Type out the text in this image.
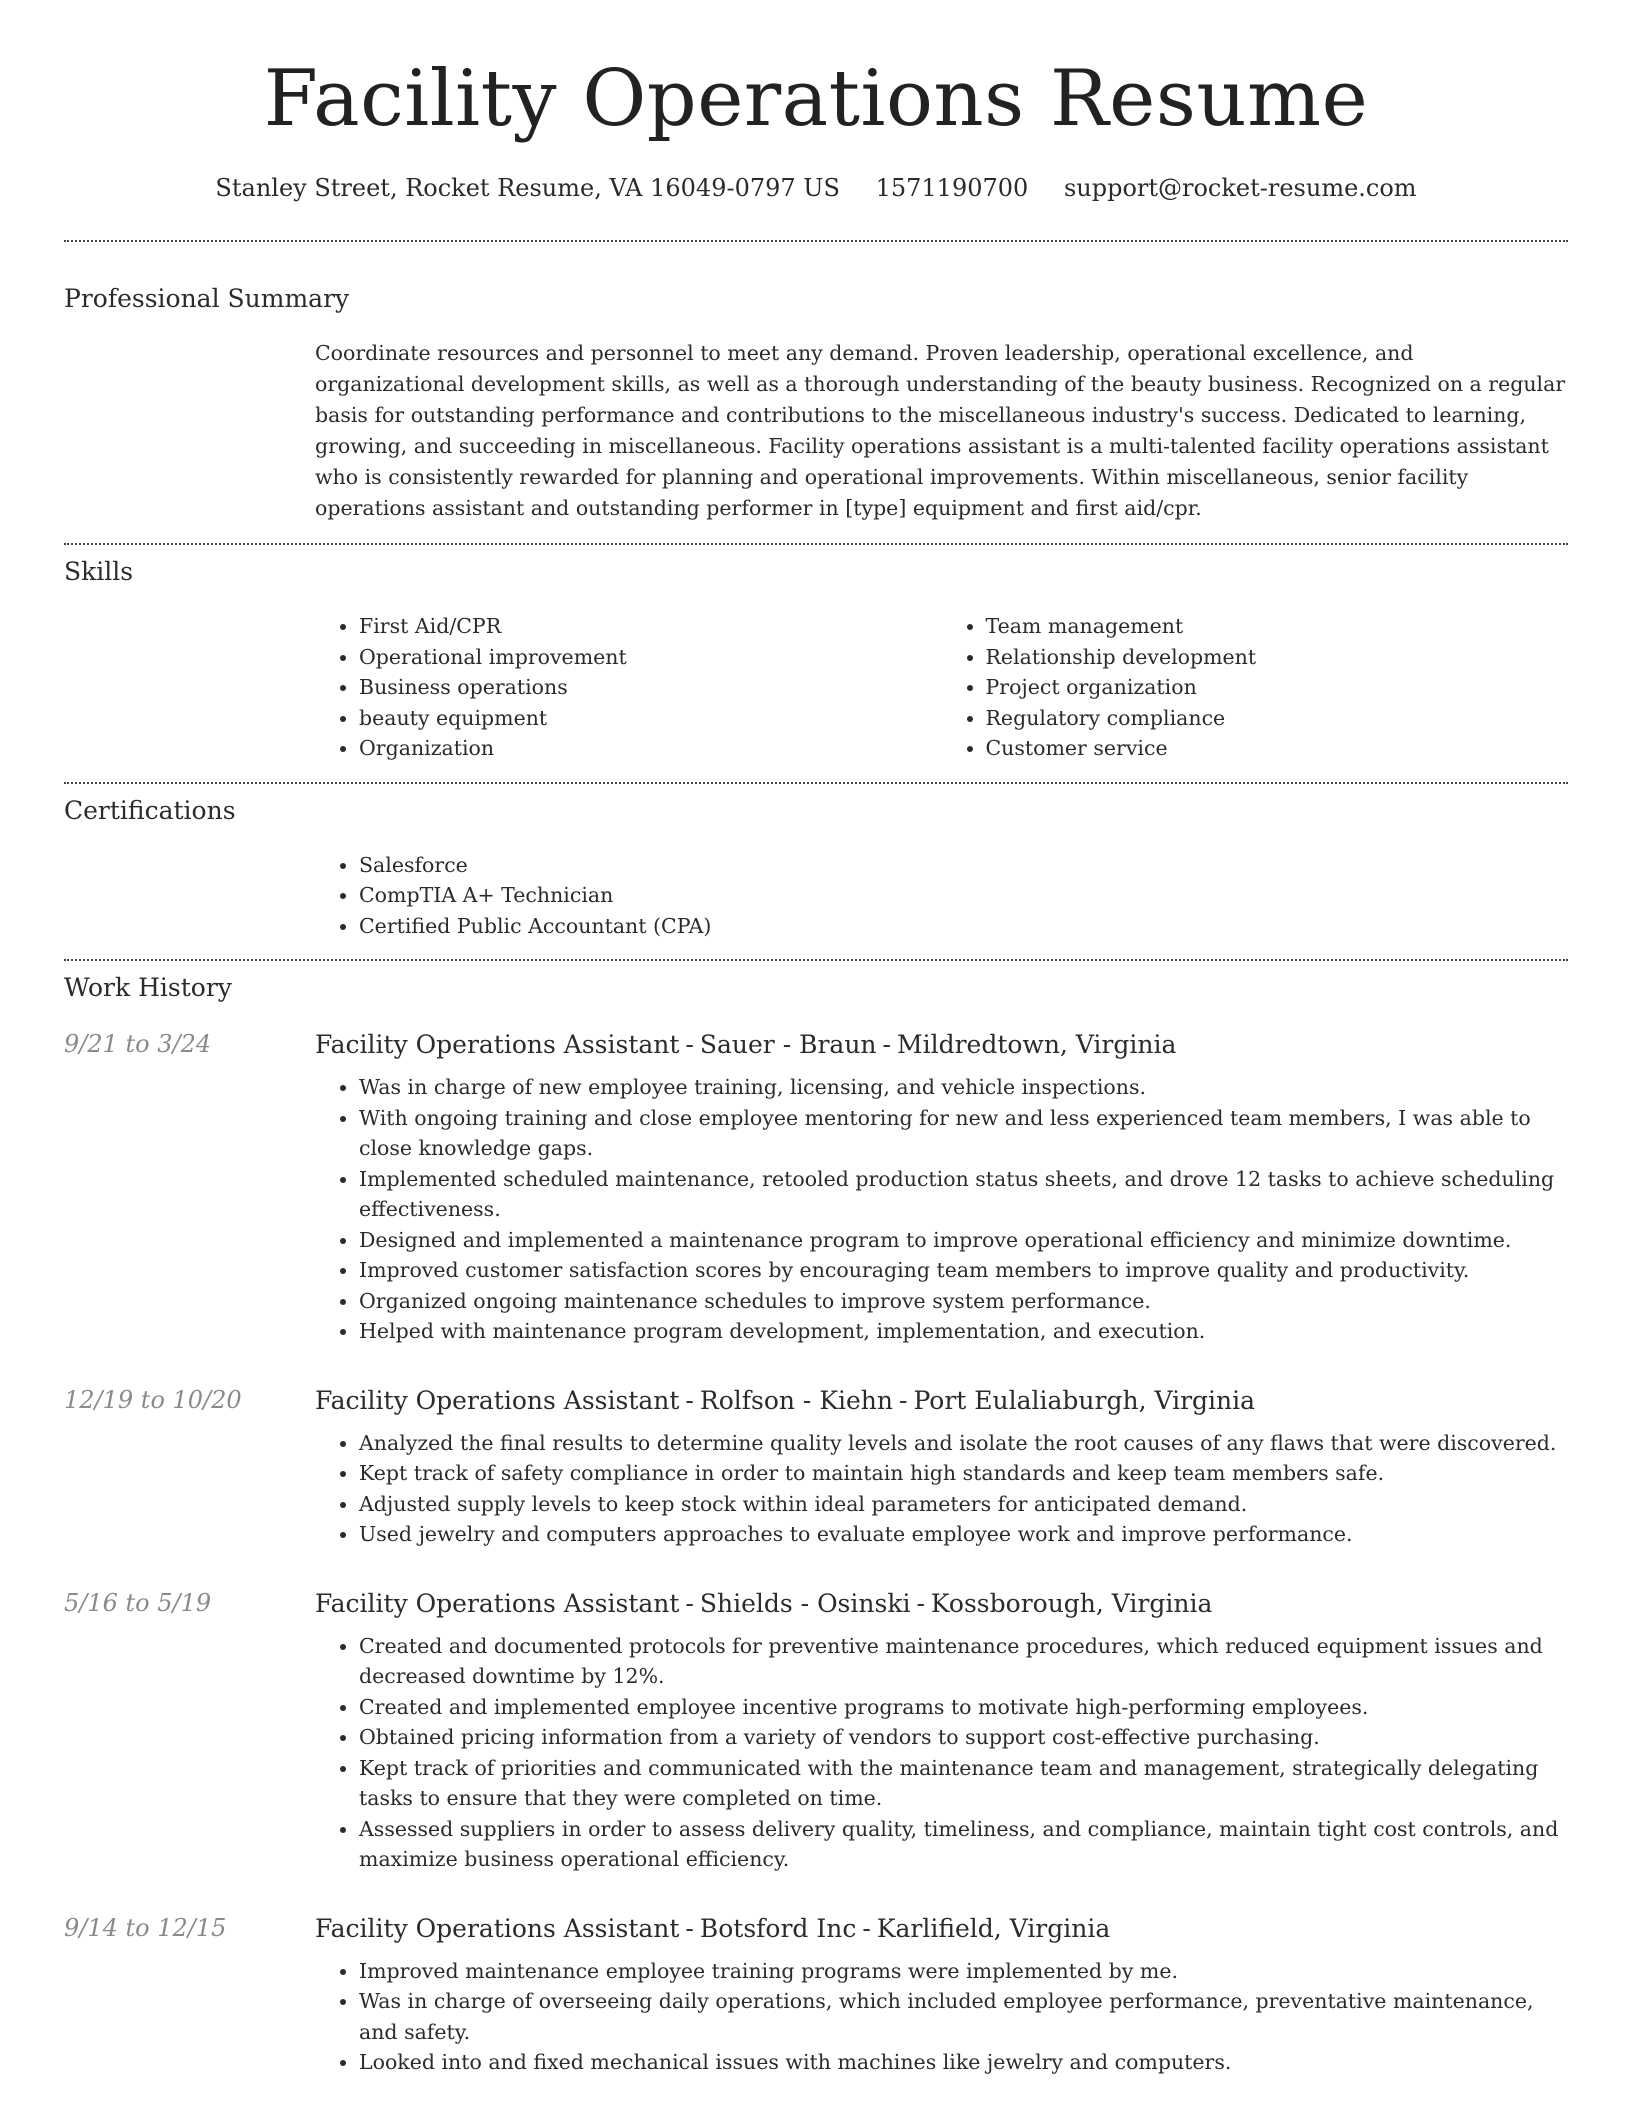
Facility Operations Resume
Stanley Street, Rocket Resume, VA 16049-0797 US 1571190700 support@rocket-resume.com
Professional Summary

Coordinate resources and personnel to meet any demand. Proven leadership, operational excellence, and organizational development skills, as well as a thorough understanding of the beauty business. Recognized on a regular basis for outstanding performance and contributions to the miscellaneous industry's success. Dedicated to learning, growing, and succeeding in miscellaneous. Facility operations assistant is a multi-talented facility operations assistant who is consistently rewarded for planning and operational improvements. Within miscellaneous, senior facility operations assistant and outstanding performer in [type] equipment and first aid/cpr.

Skills
• First Aid/CPR
• Operational improvement
• Business operations
• beauty equipment
• Organization
• Team management
• Relationship development
• Project organization
• Regulatory compliance
• Customer service
Certifications
• Salesforce
• CompTIA A+ Technician
• Certified Public Accountant (CPA)
Work History
9/21 to 3/24	Facility Operations Assistant - Sauer - Braun - Mildredtown, Virginia
• Was in charge of new employee training, licensing, and vehicle inspections.
• With ongoing training and close employee mentoring for new and less experienced team members, I was able to close knowledge gaps.
• Implemented scheduled maintenance, retooled production status sheets, and drove 12 tasks to achieve scheduling effectiveness.
• Designed and implemented a maintenance program to improve operational efficiency and minimize downtime.
• Improved customer satisfaction scores by encouraging team members to improve quality and productivity.
• Organized ongoing maintenance schedules to improve system performance.
• Helped with maintenance program development, implementation, and execution.
12/19 to 10/20	Facility Operations Assistant - Rolfson - Kiehn - Port Eulaliaburgh, Virginia
• Analyzed the final results to determine quality levels and isolate the root causes of any flaws that were discovered.
• Kept track of safety compliance in order to maintain high standards and keep team members safe.
• Adjusted supply levels to keep stock within ideal parameters for anticipated demand.
• Used jewelry and computers approaches to evaluate employee work and improve performance.
5/16 to 5/19	Facility Operations Assistant - Shields - Osinski - Kossborough, Virginia
• Created and documented protocols for preventive maintenance procedures, which reduced equipment issues and decreased downtime by 12%.
• Created and implemented employee incentive programs to motivate high-performing employees.
• Obtained pricing information from a variety of vendors to support cost-effective purchasing.
• Kept track of priorities and communicated with the maintenance team and management, strategically delegating tasks to ensure that they were completed on time.
• Assessed suppliers in order to assess delivery quality, timeliness, and compliance, maintain tight cost controls, and maximize business operational efficiency.
9/14 to 12/15	Facility Operations Assistant - Botsford Inc - Karlifield, Virginia
• Improved maintenance employee training programs were implemented by me.
• Was in charge of overseeing daily operations, which included employee performance, preventative maintenance, and safety.
• Looked into and fixed mechanical issues with machines like jewelry and computers.
